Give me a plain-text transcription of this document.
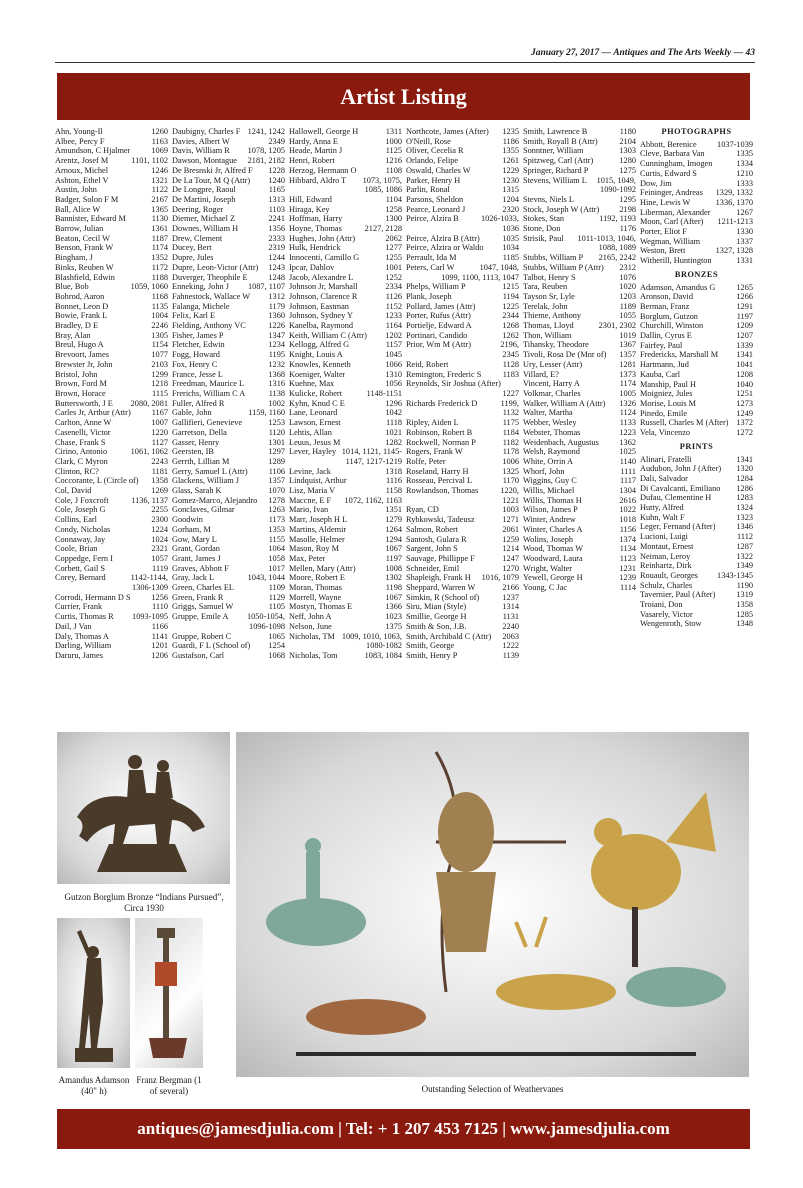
January 27, 2017 — Antiques and The Arts Weekly — 43
Artist Listing
Ahn, Young-Il	1260
Albee, Percy F	1163
Amundson, C Hjalmer	1069
Arentz, Josef M	1101, 1102
Arnoux, Michel	1246
Ashton, Ethel V	1321
Austin, John	1122
Badger, Solon F M	2167
Ball, Alice W	1365
Bannister, Edward M	1130
Barrow, Julian	1361
Beaton, Cecil W	1187
Benson, Frank W	1174
Bingham, J	1352
Binks, Reuben W	1172
Blashfield, Edwin	1188
Blue, Bob	1059, 1060
Bohrod, Aaron	1168
Bonnet, Leon D	1135
Bowie, Frank L	1004
Bradley, D E	2246
Bray, Alan	1305
Breul, Hugo A	1154
Brevoort, James	1077
Brewster Jr, John	2103
Bristol, John	1299
Brown, Ford M	1218
Brown, Horace	1115
Buttersworth, J E	2080, 2081
Carles Jr, Arthur (Attr)	1167
Carlton, Anne W	1007
Casenelli, Victor	1220
Chase, Frank S	1127
Cirino, Antonio	1061, 1062
Clark, C Myron	2243
Clinton, RC?	1181
Coccorante, L (Circle of)	1358
Col, David	1269
Cole, J Foxcroft	1136, 1137
Cole, Joseph G	2255
Collins, Earl	2300
Condy, Nicholas	1224
Connaway, Jay	1024
Coole, Brian	2321
Coppedge, Fern I	1057
Corbett, Gail S	1119
Corey, Bernard	1142-1144,
1306-1309
Corrodi, Hermann D S	1256
Currier, Frank	1110
Curtis, Thomas R	1093-1095
Dail, J Van	1166
Daly, Thomas A	1141
Darling, William	1201
Daruru, James	1206
Daubigny, Charles F 1241, 1242
Davies, Albert W	2349
Davis, William R	1078, 1205
Dawson, Montague	2181, 2182
De Bresnski Jr, Alfred F	1228
De La Tour, M Q (Attr)	1240
De Longpre, Raoul	1165
De Martini, Joseph	1313
Deering, Roger	1103
Diemer, Michael Z	2241
Downes, William H	1356
Drew, Clement	2333
Ducey, Bert	2319
Dupre, Jules	1244
Dupre, Leon-Victor (Attr)	1243
Duverger, Theophile E	1248
Enneking, John J	1087, 1107
Fahnestock, Wallace W	1312
Falanga, Michele	1179
Felix, Karl E	1360
Fielding, Anthony VC	1226
Fisher, James P	1347
Fletcher, Edwin	1234
Fogg, Howard	1195
Fox, Henry C	1232
France, Jesse L	1368
Freedman, Maurice L	1316
Frerichs, William C A	1138
Fuller, Alfred R	1002
Gable, John	1159, 1160
Gallifieri, Genevieve	1253
Garretson, Della	1120
Gasser, Henry	1301
Geersten, IB	1297
Gerrth, Lillian M	1289
Gerry, Samuel L (Attr)	1106
Glackens, William J	1357
Glass, Sarah K	1070
Gomez-Marco, Alejandro	1278
Gonclaves, Gilmar	1263
Goodwin	1173
Gorham, M	1353
Gow, Mary L	1155
Grant, Gordan	1064
Grant, James J	1058
Graves, Abbott F	1017
Gray, Jack L	1043, 1044
Green, Charles EL	1109
Green, Frank R	1129
Griggs, Samuel W	1105
Gruppe, Emile A	1050-1054,
1096-1098
Gruppe, Robert C	1065
Guardi, F L (School of)	1254
Gustafson, Carl	1068
Hallowell, George H	1311
Hardy, Anna E	1000
Heade, Martin J	1125
Henri, Robert	1216
Herzog, Hermann O	1108
Hibbard, Aldro T	1073, 1075,
1085, 1086
Hill, Edward	1104
Hiraga, Key	1258
Hoffman, Harry	1300
Hoyne, Thomas	2127, 2128
Hughes, John (Attr)	2062
Hulk, Hendrick	1277
Innocenti, Camillo G	1255
Ipcar, Dahlov	1001
Jacob, Alexandre L	1252
Johnson Jr, Marshall	2334
Johnson, Clarence R	1126
Johnson, Eastman	1152
Johnson, Sydney Y	1233
Kanelba, Raymond	1164
Keith, William C (Attr)	1202
Kellogg, Alfred G	1157
Knight, Louis A	1045
Knowles, Kenneth	1066
Koeniger, Walter	1310
Kuehne, Max	1056
Kulicke, Robert	1148-1151
Kyhn, Knud C E	1296
Lane, Leonard	1042
Lawson, Ernest	1118
Lehtis, Allan	1021
Leuus, Jesus M	1282
Lever, Hayley 1014, 1121, 1145-
1147, 1217-1219
Levine, Jack	1318
Lindquist, Arthur	1116
Lisz, Maria V	1158
Maccne, E F	1072, 1162, 1163
Mario, Ivan	1351
Marr, Joseph H L	1279
Martins, Aldemir	1264
Masolle, Helmer	1294
Mason, Roy M	1067
Max, Peter	1197
Mellen, Mary (Attr)	1008
Moore, Robert E	1302
Moran, Thomas	1198
Morrell, Wayne	1067
Mostyn, Thomas E	1366
Neff, John A	1023
Nelson, June	1375
Nicholas, TM 1009, 1010, 1063,
1080-1082
Nicholas, Tom	1083, 1084
Northcote, James (After)	1235
O'Neill, Rose	1186
Oliver, Cecelia R	1355
Orlando, Felipe	1261
Oswald, Charles W	1229
Parker, Henry H	1230
Parlin, Ronal	1315
Parsons, Sheldon	1204
Pearce, Leonard J	2320
Peirce, Alzira B	1026-1033,
1036
Peirce, Alzira B (Attr)	1035
Peirce, Alzira or Waldo	1034
Perrault, Ida M	1185
Peters, Carl W	1047, 1048,
1099, 1100, 1113, 1047
Phelps, William P	1215
Plank, Joseph	1194
Pollard, James (Attr)	1225
Porter, Rufus (Attr)	2344
Portielje, Edward A	1268
Portinari, Candido	1262
Prior, Wm M (Attr)	2196,
2345
Reid, Robert	1128
Remington, Frederic S	1183
Reynolds, Sir Joshua (After)
1227
Richards Frederick D	1199,
1132
Ripley, Aiden L	1175
Robinson, Robert B	1184
Rockwell, Norman P	1182
Rogers, Frank W	1178
Rolfe, Peter	1006
Roseland, Harry H	1325
Rosseau, Percival L	1170
Rowlandson, Thomas	1220,
1221
Ryan, CD	1003
Rybkowski, Tadeusz	1271
Salmon, Robert	2061
Santosh, Gulara R	1259
Sargent, John S	1214
Sauvage, Phillippe F	1247
Schneider, Emil	1270
Shapleigh, Frank H	1016, 1079
Sheppard, Warren W	2166
Simkin, R (School of)	1237
Siru, Mian (Style)	1314
Smillie, George H	1131
Smith & Son, J.B.	2240
Smith, Archibald C (Attr)	2063
Smith, George	1222
Smith, Henry P	1139
Smith, Lawrence B	1180
Smith, Royall B (Attr)	2104
Sonntner, William	1303
Spitzweg, Carl (Attr)	1280
Springer, Richard P	1275
Stevens, William L	1015, 1049,
1090-1092
Stevns, Niels L	1295
Stock, Joseph W (Attr)	2198
Stokes, Stan	1192, 1193
Stone, Don	1176
Strisik, Paul	1011-1013, 1046,
1088, 1089
Stubbs, William P	2165, 2242
Stubbs, William P (Attr)	2312
Talbot, Henry S	1076
Tara, Reuben	1020
Tayson Sr, Lyle	1203
Terelak, John	1189
Thieme, Anthony	1055
Thomas, Lloyd	2301, 2302
Thon, William	1019
Tihansky, Theodore	1367
Tivoli, Rosa De (Mnr of)	1357
Ury, Lesser (Attr)	1281
Villard, E?	1373
Vincent, Harry A	1174
Volkmar, Charles	1005
Walker, William A (Attr)	1326
Walter, Martha	1124
Webber, Wesley	1133
Webster, Thomas	1223
Weidenbach, Augustus	1362
Welsh, Raymond	1025
White, Orrin A	1140
Whorf, John	1111
Wiggins, Guy C	1117
Willis, Michael	1304
Willis, Thomas H	2616
Wilson, James P	1022
Winter, Andrew	1018
Winter, Charles A	1156
Wolins, Joseph	1374
Wood, Thomas W	1134
Woodward, Laura	1123
Wright, Walter	1231
Yewell, George H	1239
Young, C Jac	1114
PHOTOGRAPHS
Abbott, Berenice	1037-1039
Cleve, Barbara Van	1335
Cunningham, Imogen	1334
Curtis, Edward S	1210
Dow, Jim	1333
Feininger, Andreas	1329, 1332
Hine, Lewis W	1336, 1370
Liberman, Alexander	1267
Moon, Carl (After)	1211-1213
Porter, Eliot F	1330
Wegman, William	1337
Weston, Brett	1327, 1328
Witherill, Huntington	1331
BRONZES
Adamson, Amandus G	1265
Aronson, David	1266
Berman, Franz	1291
Borglum, Gutzon	1197
Churchill, Winston	1209
Dallin, Cyrus E	1207
Fairfey, Paul	1339
Fredericks, Marshall M	1341
Hartmann, Jud	1041
Kauba, Carl	1208
Manship, Paul H	1040
Moigniez, Jules	1251
Morise, Louis M	1273
Pinedo, Emile	1249
Russell, Charles M (After) 1372
Vela, Vincenzo	1272
PRINTS
Alinari, Fratelli	1341
Audubon, John J (After)	1320
Dali, Salvador	1284
Di Cavalcanti, Emiliano	1286
Dufau, Clementine H	1283
Hutty, Alfred	1324
Kuhn, Walt F	1323
Leger, Fernand (After)	1346
Lucioni, Luigi	1112
Montaut, Ernest	1287
Neiman, Leroy	1322
Reinhartz, Dirk	1349
Rouault, Georges	1343-1345
Schulz, Charles	1190
Tavernier, Paul (After)	1319
Troiani, Don	1358
Vasarely, Victor	1285
Wengenroth, Stow	1348
Gutzon Borglum Bronze “Indians Pursued”, Circa 1930
Amandus Adamson (40" h)
Franz Bergman (1 of several)	Outstanding Selection of Weathervanes
antiques@jamesdjulia.com | Tel: + 1 207 453 7125 | www.jamesdjulia.com
